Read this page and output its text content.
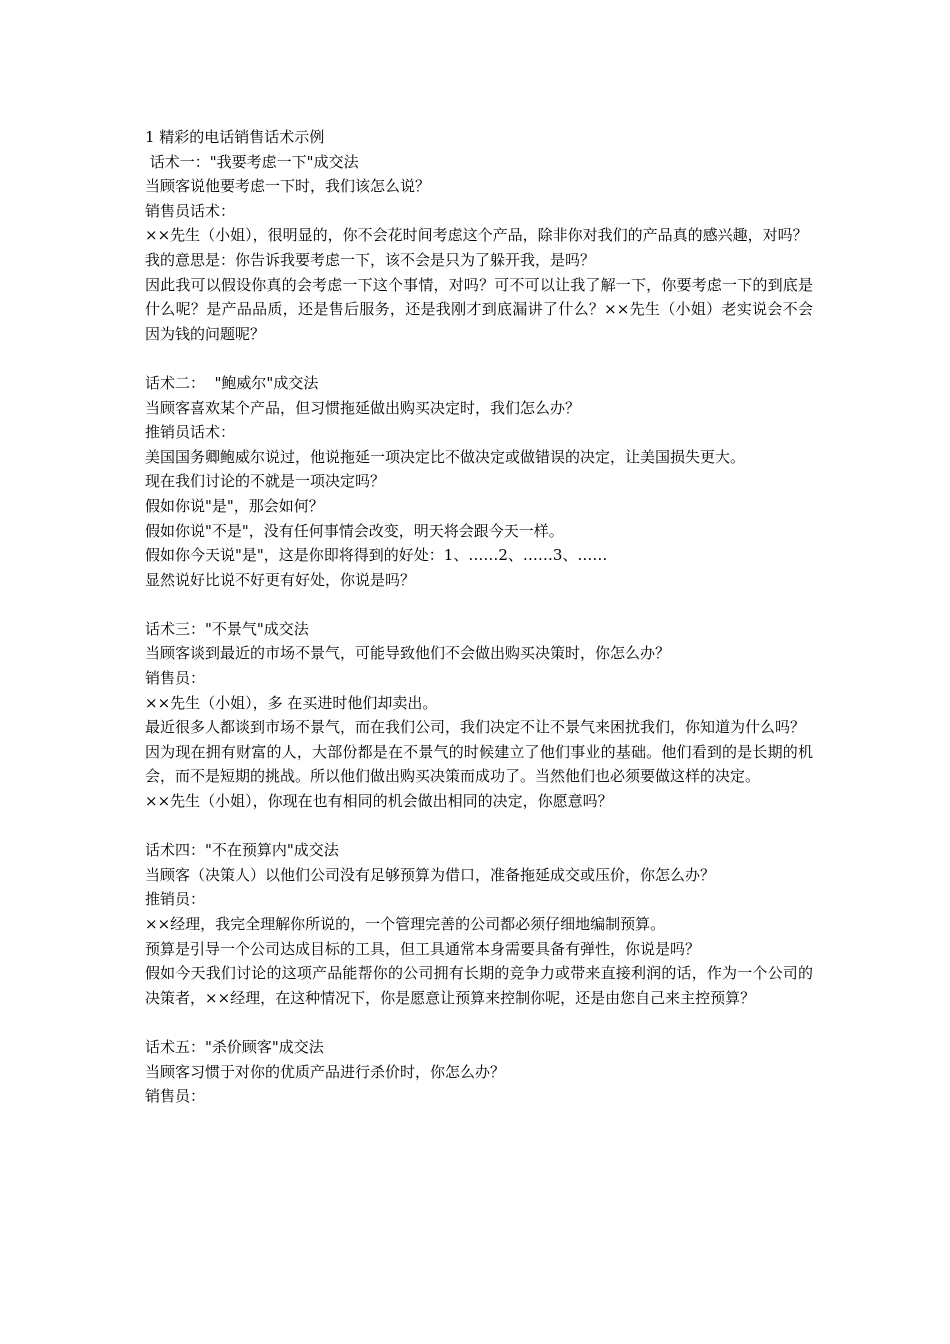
1 精彩的电话销售话术示例

话术一："我要考虑一下"成交法

当顾客说他要考虑一下时，我们该怎么说？

销售员话术：

××先生（小姐），很明显的，你不会花时间考虑这个产品，除非你对我们的产品真的感兴趣，对吗？

我的意思是：你告诉我要考虑一下，该不会是只为了躲开我，是吗？

因此我可以假设你真的会考虑一下这个事情，对吗？可不可以让我了解一下，你要考虑一下的到底是什么呢？是产品品质，还是售后服务，还是我刚才到底漏讲了什么？××先生（小姐）老实说会不会因为钱的问题呢？

话术二：  "鲍威尔"成交法

当顾客喜欢某个产品，但习惯拖延做出购买决定时，我们怎么办？

推销员话术：

美国国务卿鲍威尔说过，他说拖延一项决定比不做决定或做错误的决定，让美国损失更大。

现在我们讨论的不就是一项决定吗？

假如你说"是"，那会如何？

假如你说"不是"，没有任何事情会改变，明天将会跟今天一样。

假如你今天说"是"，这是你即将得到的好处：1、……2、……3、……

显然说好比说不好更有好处，你说是吗？

话术三："不景气"成交法

当顾客谈到最近的市场不景气，可能导致他们不会做出购买决策时，你怎么办？

销售员：

××先生（小姐），多 在买进时他们却卖出。

最近很多人都谈到市场不景气，而在我们公司，我们决定不让不景气来困扰我们，你知道为什么吗？

因为现在拥有财富的人，大部份都是在不景气的时候建立了他们事业的基础。他们看到的是长期的机会，而不是短期的挑战。所以他们做出购买决策而成功了。当然他们也必须要做这样的决定。

××先生（小姐），你现在也有相同的机会做出相同的决定，你愿意吗？

话术四："不在预算内"成交法

当顾客（决策人）以他们公司没有足够预算为借口，准备拖延成交或压价，你怎么办？

推销员：

××经理，我完全理解你所说的，一个管理完善的公司都必须仔细地编制预算。

预算是引导一个公司达成目标的工具，但工具通常本身需要具备有弹性，你说是吗？

假如今天我们讨论的这项产品能帮你的公司拥有长期的竞争力或带来直接利润的话，作为一个公司的决策者，××经理，在这种情况下，你是愿意让预算来控制你呢，还是由您自己来主控预算？

话术五："杀价顾客"成交法

当顾客习惯于对你的优质产品进行杀价时，你怎么办？

销售员：
